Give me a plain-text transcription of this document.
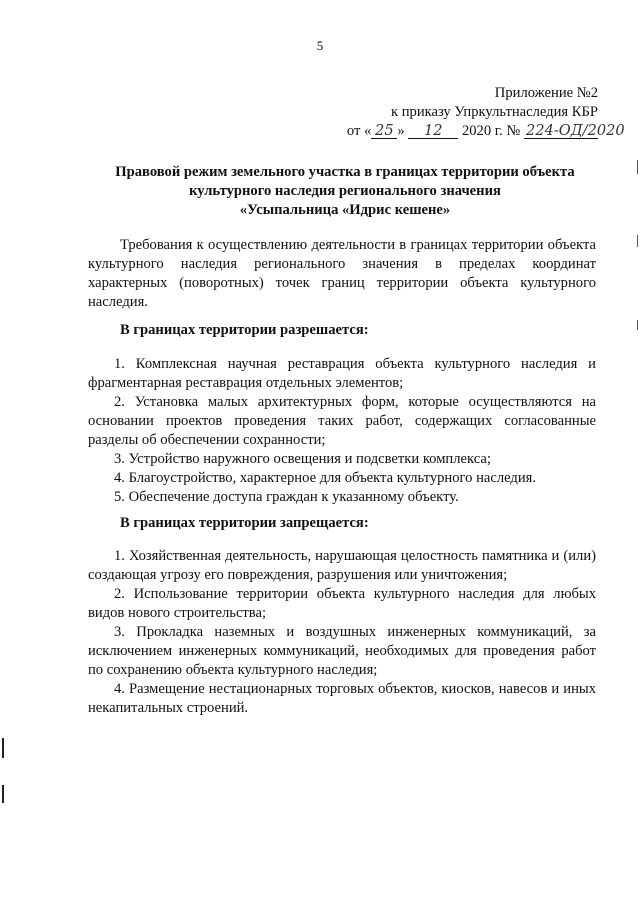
5
Приложение №2
к приказу Упркультнаследия КБР
от « 25 » 12 2020 г. № 224-ОД/2020
Правовой режим земельного участка в границах территории объекта
культурного наследия регионального значения
«Усыпальница «Идрис кешене»
Требования к осуществлению деятельности в границах территории объекта культурного наследия регионального значения в пределах координат характерных (поворотных) точек границ территории объекта культурного наследия.
В границах территории разрешается:
1. Комплексная научная реставрация объекта культурного наследия и фрагментарная реставрация отдельных элементов;
2. Установка малых архитектурных форм, которые осуществляются на основании проектов проведения таких работ, содержащих согласованные разделы об обеспечении сохранности;
3. Устройство наружного освещения и подсветки комплекса;
4. Благоустройство, характерное для объекта культурного наследия.
5. Обеспечение доступа граждан к указанному объекту.
В границах территории запрещается:
1. Хозяйственная деятельность, нарушающая целостность памятника и (или) создающая угрозу его повреждения, разрушения или уничтожения;
2. Использование территории объекта культурного наследия для любых видов нового строительства;
3. Прокладка наземных и воздушных инженерных коммуникаций, за исключением инженерных коммуникаций, необходимых для проведения работ по сохранению объекта культурного наследия;
4. Размещение нестационарных торговых объектов, киосков, навесов и иных некапитальных строений.
